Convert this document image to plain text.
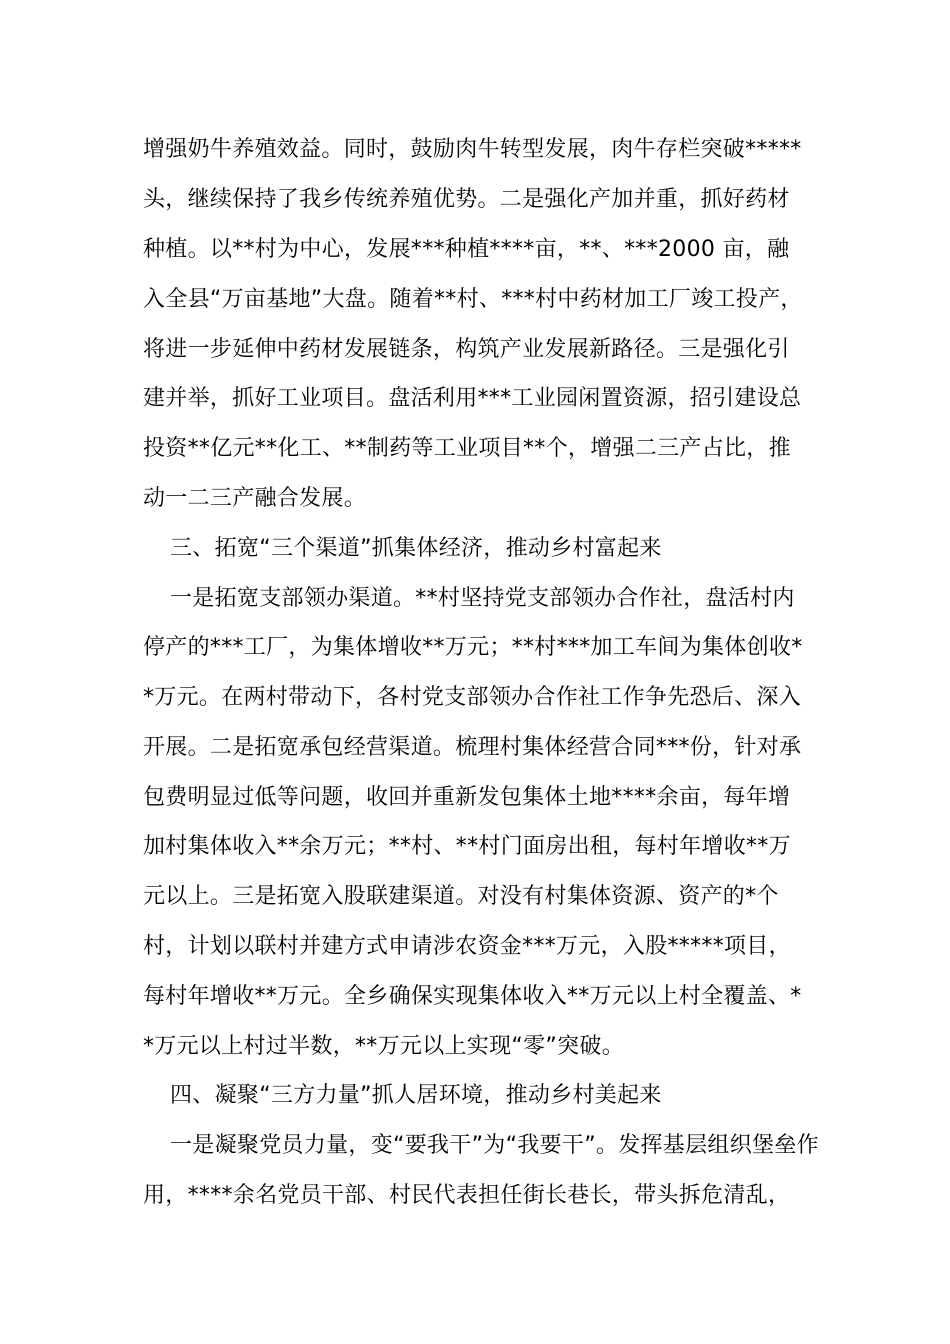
增强奶牛养殖效益。同时，鼓励肉牛转型发展，肉牛存栏突破*****
头，继续保持了我乡传统养殖优势。二是强化产加并重，抓好药材
种植。以**村为中心，发展***种植****亩，**、***2000 亩，融
入全县“万亩基地”大盘。随着**村、***村中药材加工厂竣工投产，
将进一步延伸中药材发展链条，构筑产业发展新路径。三是强化引
建并举，抓好工业项目。盘活利用***工业园闲置资源，招引建设总
投资**亿元**化工、**制药等工业项目**个，增强二三产占比，推
动一二三产融合发展。
三、拓宽“三个渠道”抓集体经济，推动乡村富起来
一是拓宽支部领办渠道。**村坚持党支部领办合作社，盘活村内
停产的***工厂，为集体增收**万元；**村***加工车间为集体创收*
*万元。在两村带动下，各村党支部领办合作社工作争先恐后、深入
开展。二是拓宽承包经营渠道。梳理村集体经营合同***份，针对承
包费明显过低等问题，收回并重新发包集体土地****余亩，每年增
加村集体收入**余万元；**村、**村门面房出租，每村年增收**万
元以上。三是拓宽入股联建渠道。对没有村集体资源、资产的*个
村，计划以联村并建方式申请涉农资金***万元，入股*****项目，
每村年增收**万元。全乡确保实现集体收入**万元以上村全覆盖、*
*万元以上村过半数，**万元以上实现“零”突破。
四、凝聚“三方力量”抓人居环境，推动乡村美起来
一是凝聚党员力量，变“要我干”为“我要干”。发挥基层组织堡垒作
用，****余名党员干部、村民代表担任街长巷长，带头拆危清乱，
